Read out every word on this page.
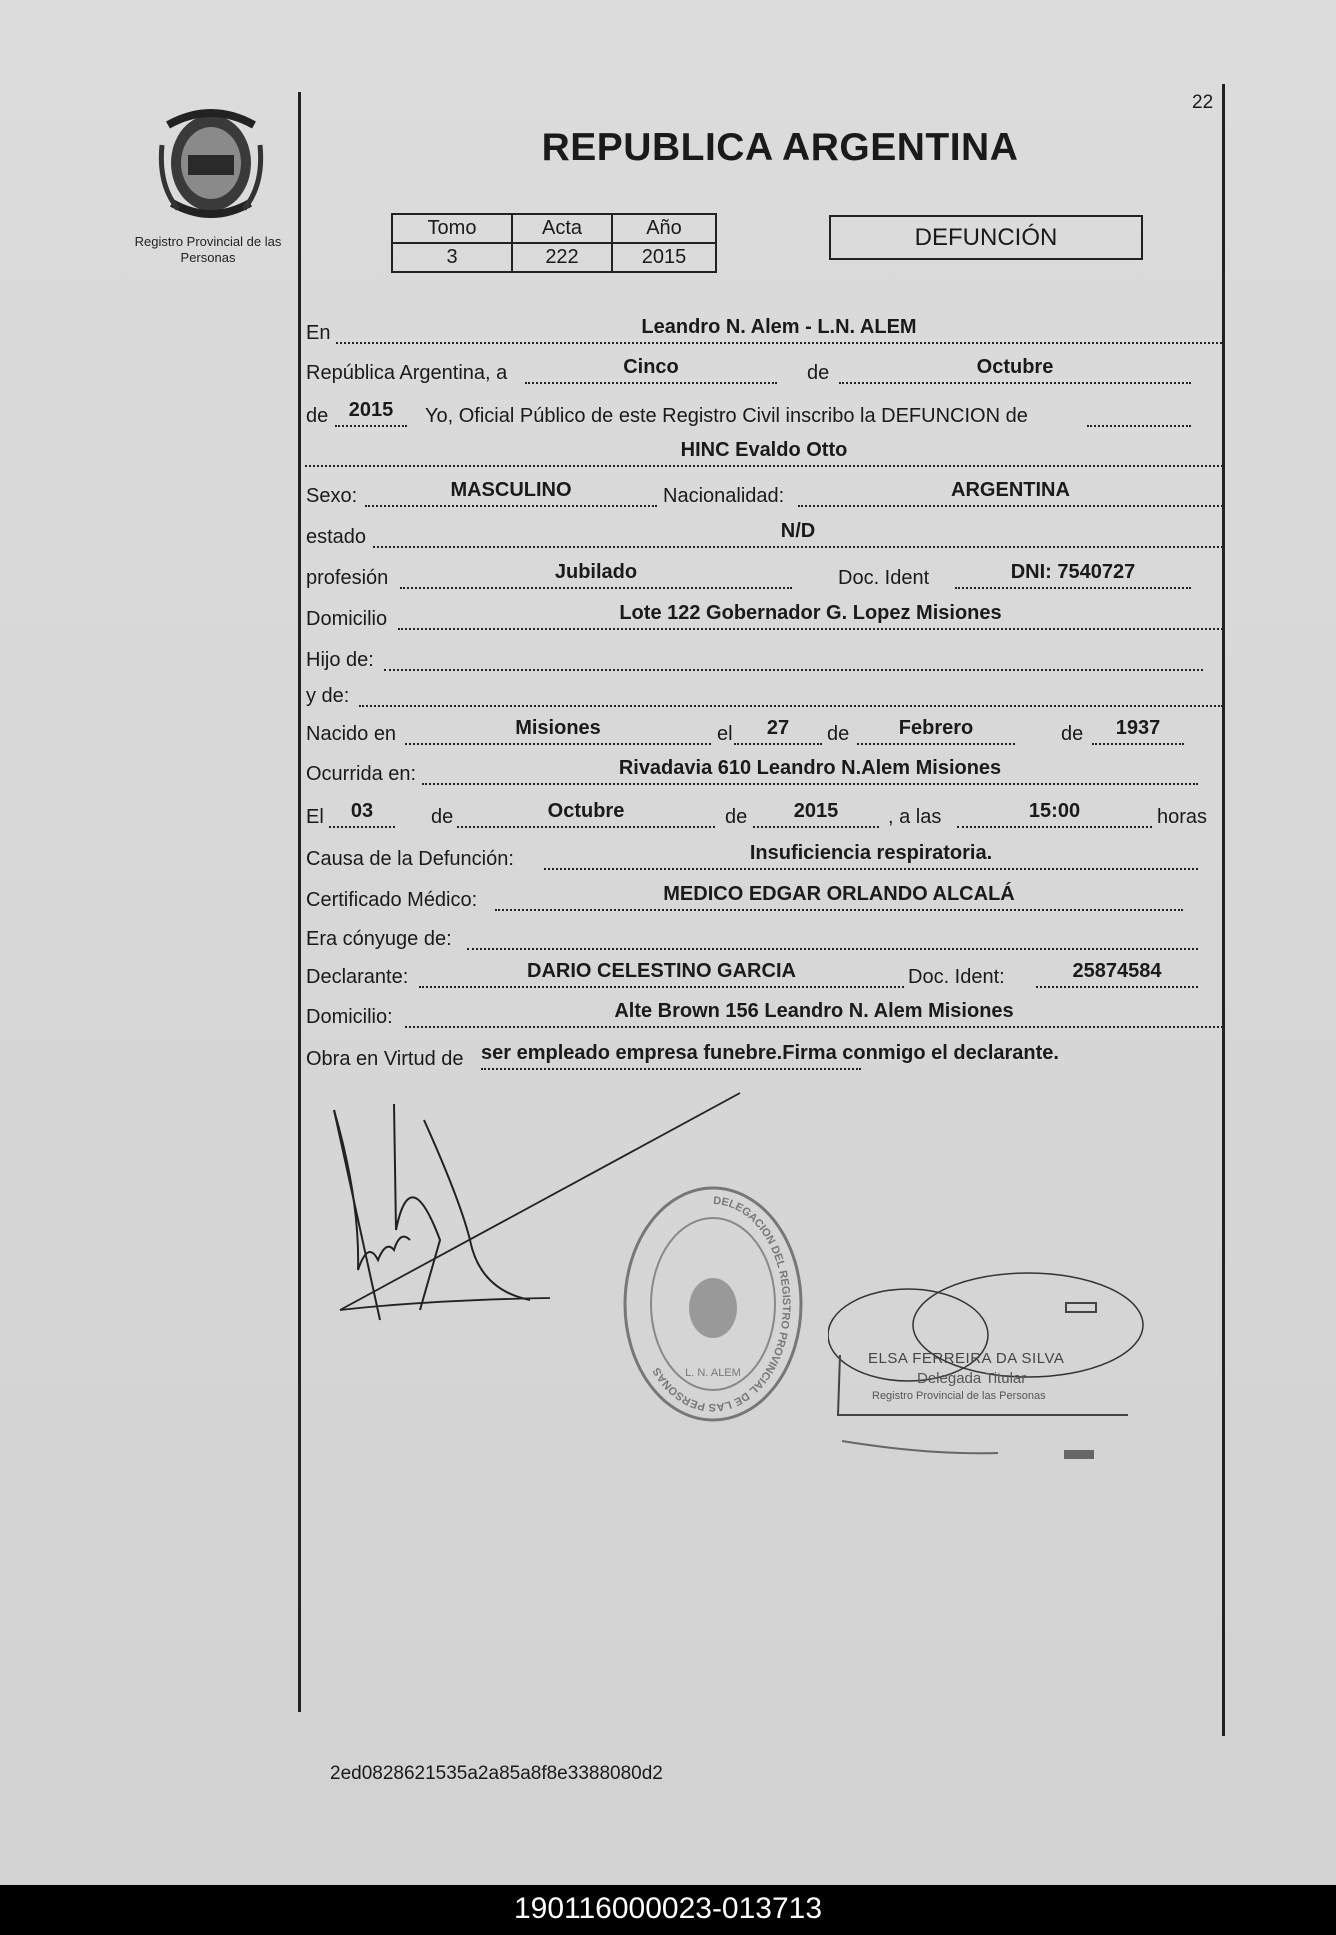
Registro Provincial de las Personas
22
REPUBLICA ARGENTINA
Tomo	Acta	Año
3	222	2015
DEFUNCIÓN
En	Leandro N. Alem - L.N. ALEM
República Argentina, a	Cinco	de	Octubre
de	2015	Yo, Oficial Público de este Registro Civil inscribo la DEFUNCION de
HINC Evaldo Otto
Sexo:	MASCULINO	Nacionalidad:	ARGENTINA
estado	N/D
profesión	Jubilado	Doc. Ident	DNI: 7540727
Domicilio	Lote 122 Gobernador G. Lopez Misiones
Hijo de:
y de:
Nacido en	Misiones	el	27	de	Febrero	de	1937
Ocurrida en:	Rivadavia 610 Leandro N.Alem Misiones
El	03	de	Octubre	de	2015	, a las	15:00	horas
Causa de la Defunción:	Insuficiencia respiratoria.
Certificado Médico:	MEDICO EDGAR ORLANDO ALCALÁ
Era cónyuge de:
Declarante:	DARIO CELESTINO GARCIA	Doc. Ident:	25874584
Domicilio:	Alte Brown 156 Leandro N. Alem Misiones
Obra en Virtud de ser empleado empresa funebre.Firma conmigo el declarante.
DELEGACION DEL REGISTRO PROVINCIAL DE LAS PERSONAS	L. N. ALEM
ELSA FERREIRA DA SILVA
Delegada Titular
Registro Provincial de las Personas
2ed0828621535a2a85a8f8e3388080d2
190116000023-013713
